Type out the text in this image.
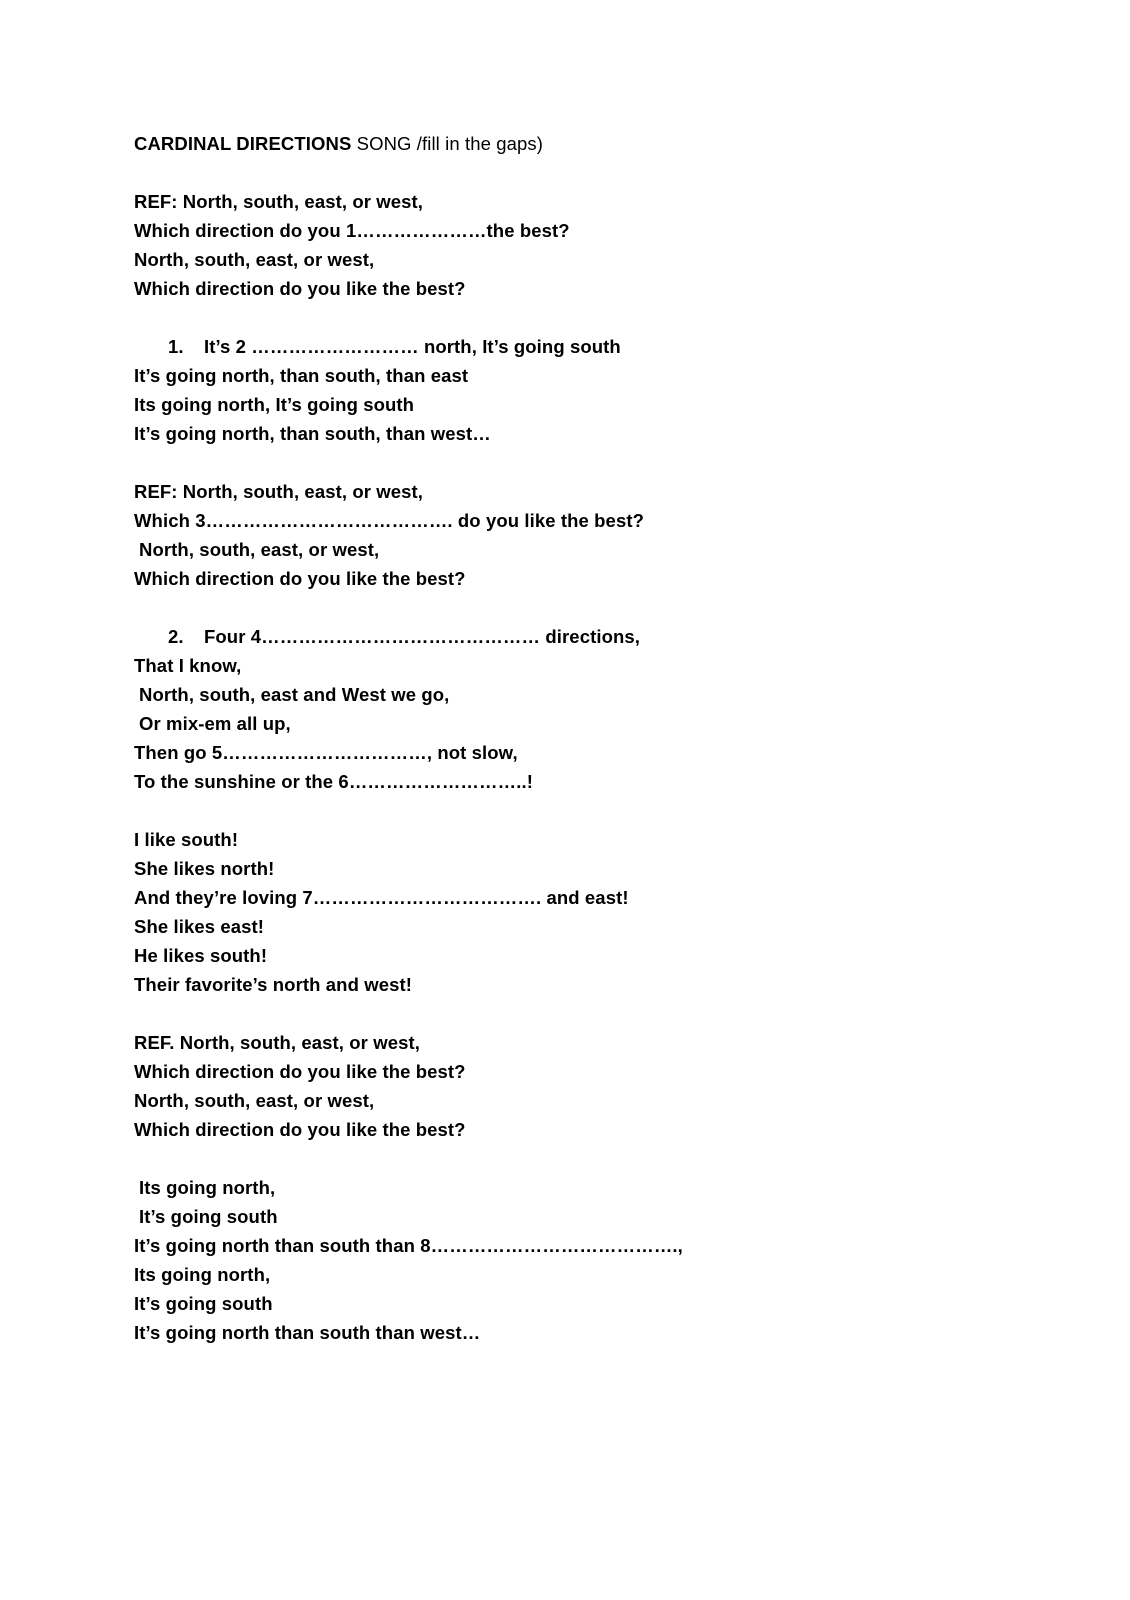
CARDINAL DIRECTIONS SONG /fill in the gaps)
REF: North, south, east, or west,
Which direction do you 1…………………the best?
North, south, east, or west,
Which direction do you like the best?
1. It’s 2 ……………………… north, It’s going south
It’s going north, than south, than east
Its going north, It’s going south
It’s going north, than south, than west…
REF: North, south, east, or west,
Which 3…………………………………. do you like the best?
North, south, east, or west,
Which direction do you like the best?
2. Four 4……………………………………… directions,
That I know,
North, south, east and West we go,
Or mix-em all up,
Then go 5……………………………, not slow,
To the sunshine or the 6………………………..!
I like south!
She likes north!
And they’re loving 7………………………………. and east!
She likes east!
He likes south!
Their favorite’s north and west!
REF. North, south, east, or west,
Which direction do you like the best?
North, south, east, or west,
Which direction do you like the best?
Its going north,
It’s going south
It’s going north than south than 8………………………………….,
Its going north,
It’s going south
It’s going north than south than west…
